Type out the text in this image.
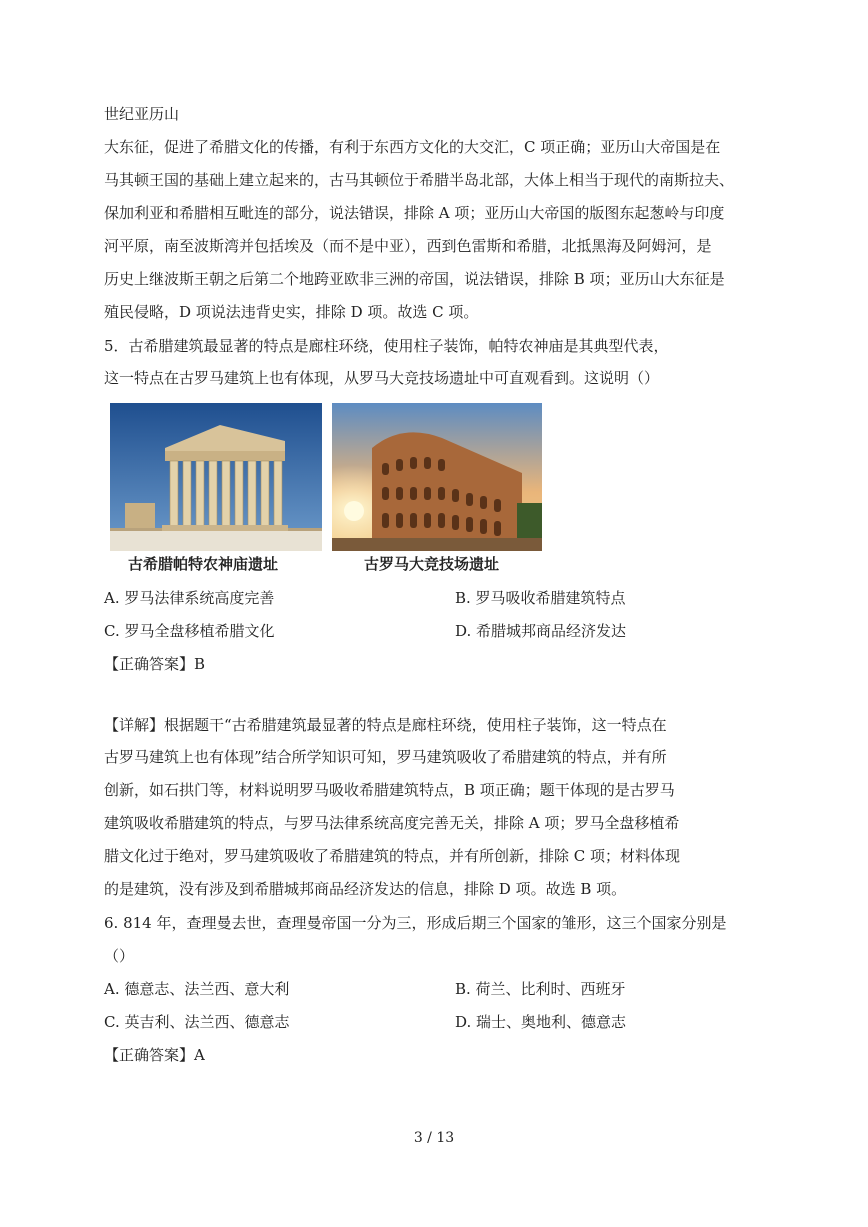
世纪亚历山
大东征，促进了希腊文化的传播，有利于东西方文化的大交汇，C 项正确；亚历山大帝国是在
马其顿王国的基础上建立起来的，古马其顿位于希腊半岛北部，大体上相当于现代的南斯拉夫、
保加利亚和希腊相互毗连的部分，说法错误，排除 A 项；亚历山大帝国的版图东起葱岭与印度
河平原，南至波斯湾并包括埃及（而不是中亚），西到色雷斯和希腊，北抵黑海及阿姆河，是
历史上继波斯王朝之后第二个地跨亚欧非三洲的帝国，说法错误，排除 B 项；亚历山大东征是
殖民侵略，D 项说法违背史实，排除 D 项。故选 C 项。
5．古希腊建筑最显著的特点是廊柱环绕，使用柱子装饰，帕特农神庙是其典型代表，
这一特点在古罗马建筑上也有体现，从罗马大竞技场遗址中可直观看到。这说明（）
古希腊帕特农神庙遗址	古罗马大竞技场遗址
A. 罗马法律系统高度完善	B. 罗马吸收希腊建筑特点
C. 罗马全盘移植希腊文化	D. 希腊城邦商品经济发达
【正确答案】B
【详解】根据题干“古希腊建筑最显著的特点是廊柱环绕，使用柱子装饰，这一特点在
古罗马建筑上也有体现”结合所学知识可知，罗马建筑吸收了希腊建筑的特点，并有所
创新，如石拱门等，材料说明罗马吸收希腊建筑特点，B 项正确；题干体现的是古罗马
建筑吸收希腊建筑的特点，与罗马法律系统高度完善无关，排除 A 项；罗马全盘移植希
腊文化过于绝对，罗马建筑吸收了希腊建筑的特点，并有所创新，排除 C 项；材料体现
的是建筑，没有涉及到希腊城邦商品经济发达的信息，排除 D 项。故选 B 项。
6. 814 年，查理曼去世，查理曼帝国一分为三，形成后期三个国家的雏形，这三个国家分别是
（）
A. 德意志、法兰西、意大利	B. 荷兰、比利时、西班牙
C. 英吉利、法兰西、德意志	D. 瑞士、奥地利、德意志
【正确答案】A
3 / 13
